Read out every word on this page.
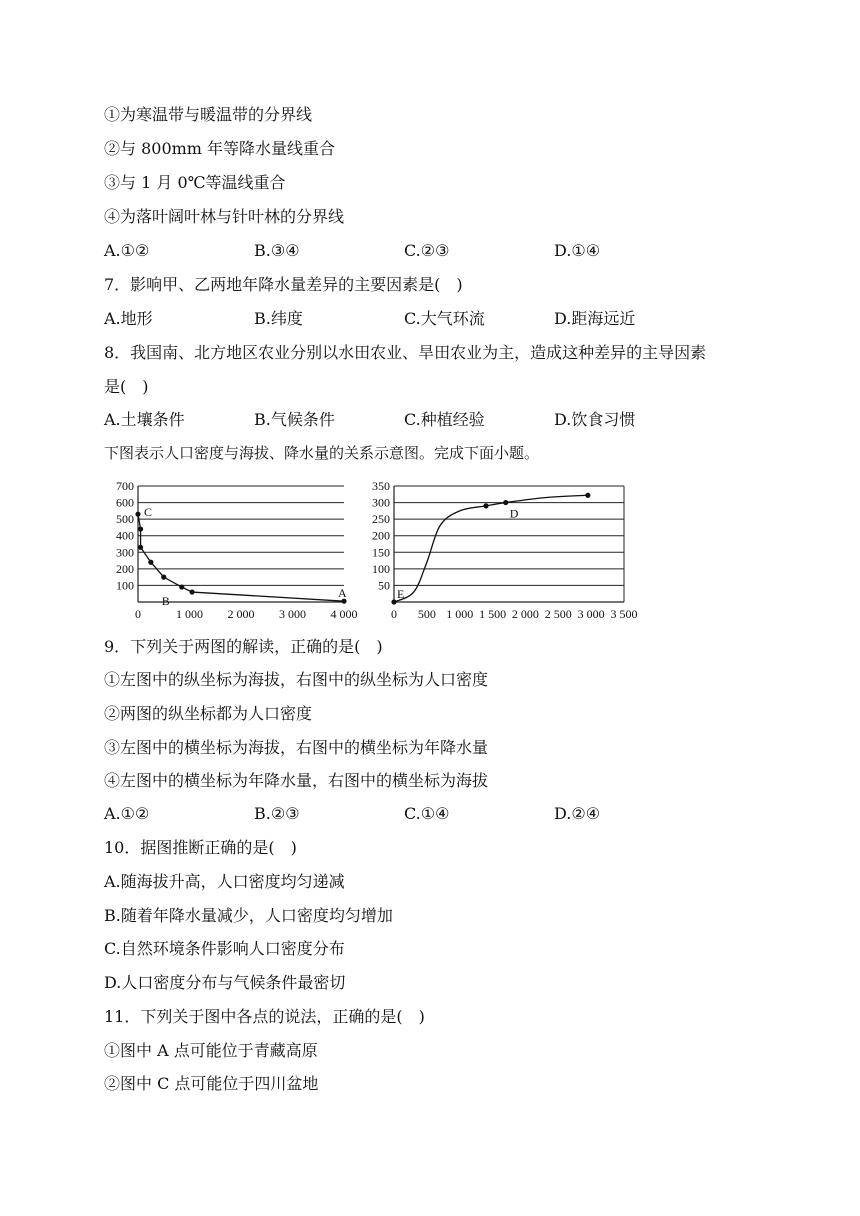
①为寒温带与暖温带的分界线
②与 800mm 年等降水量线重合
③与 1 月 0℃等温线重合
④为落叶阔叶林与针叶林的分界线
A.①②	B.③④	C.②③	D.①④
7．影响甲、乙两地年降水量差异的主要因素是(　)
A.地形	B.纬度	C.大气环流	D.距海远近
8．我国南、北方地区农业分别以水田农业、旱田农业为主，造成这种差异的主导因素
是(　)
A.土壤条件	B.气候条件	C.种植经验	D.饮食习惯
下图表示人口密度与海拔、降水量的关系示意图。完成下面小题。
700
600
500
400
300
200
100
0	1 000 2 000 3 000 4 000
C
B
A
350
300
250
200
150
100
50
0 500 1 000 1 500 2 000 2 500 3 000 3 500
E
D
9．下列关于两图的解读，正确的是(　)
①左图中的纵坐标为海拔，右图中的纵坐标为人口密度
②两图的纵坐标都为人口密度
③左图中的横坐标为海拔，右图中的横坐标为年降水量
④左图中的横坐标为年降水量，右图中的横坐标为海拔
A.①②	B.②③	C.①④	D.②④
10．据图推断正确的是(　)
A.随海拔升高，人口密度均匀递减
B.随着年降水量减少，人口密度均匀增加
C.自然环境条件影响人口密度分布
D.人口密度分布与气候条件最密切
11．下列关于图中各点的说法，正确的是(　)
①图中 A 点可能位于青藏高原
②图中 C 点可能位于四川盆地
